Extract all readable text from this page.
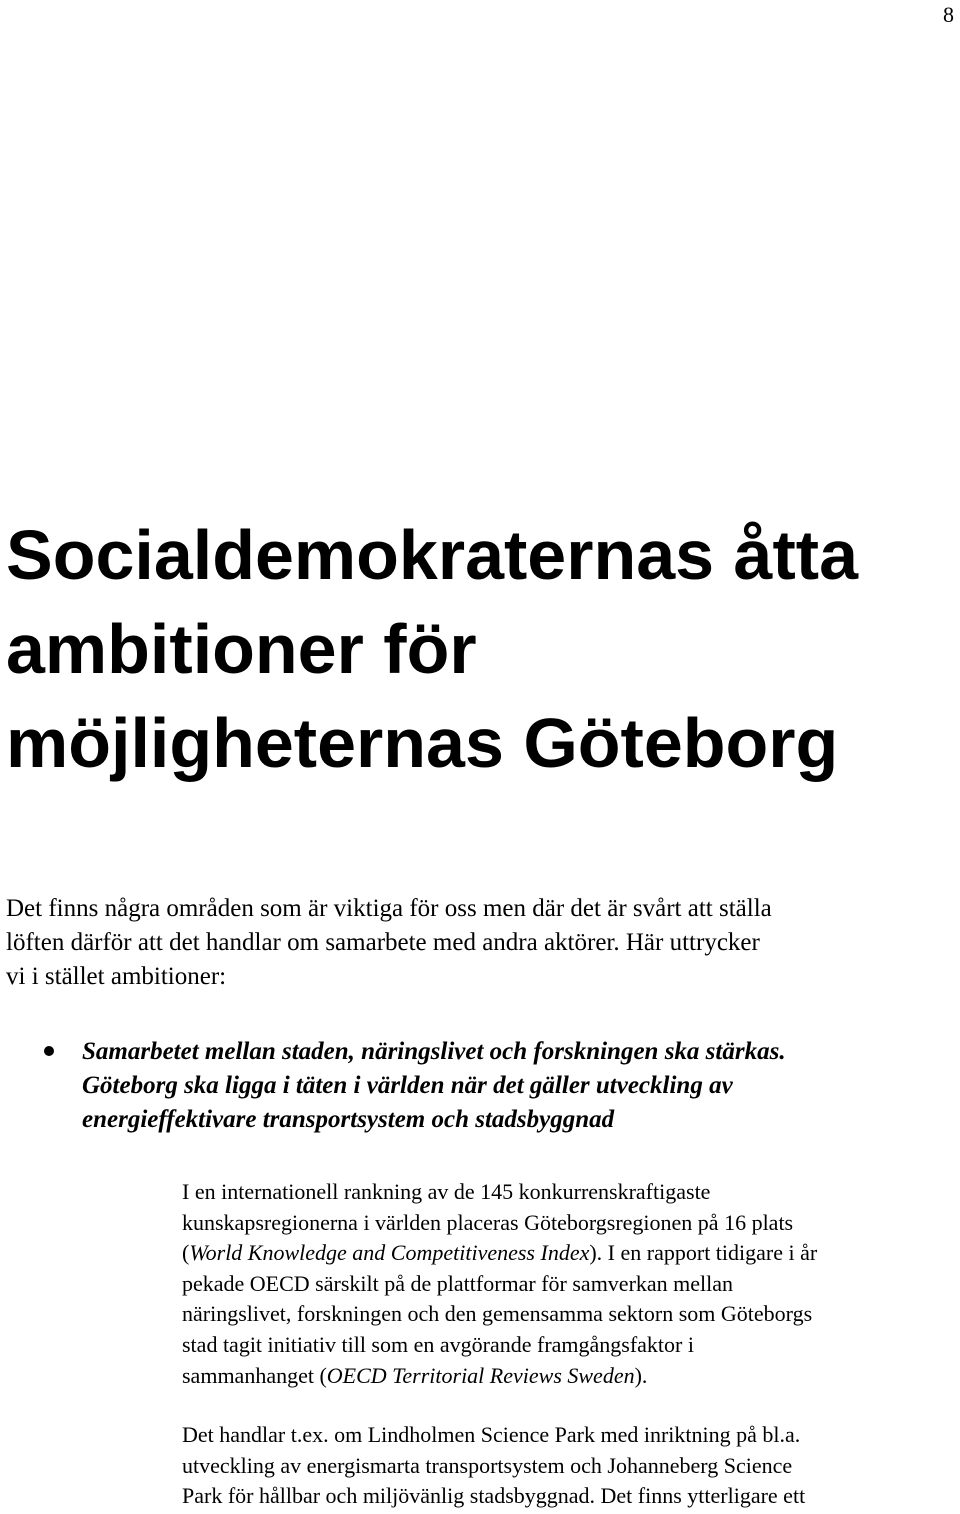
8
Socialdemokraternas åtta
ambitioner för
möjligheternas Göteborg

Det finns några områden som är viktiga för oss men där det är svårt att ställa
löften därför att det handlar om samarbete med andra aktörer. Här uttrycker
vi i stället ambitioner:

Samarbetet mellan staden, näringslivet och forskningen ska stärkas.
Göteborg ska ligga i täten i världen när det gäller utveckling av
energieffektivare transportsystem och stadsbyggnad

I en internationell rankning av de 145 konkurrenskraftigaste
kunskapsregionerna i världen placeras Göteborgsregionen på 16 plats
(World Knowledge and Competitiveness Index). I en rapport tidigare i år
pekade OECD särskilt på de plattformar för samverkan mellan
näringslivet, forskningen och den gemensamma sektorn som Göteborgs
stad tagit initiativ till som en avgörande framgångsfaktor i
sammanhanget (OECD Territorial Reviews Sweden).

Det handlar t.ex. om Lindholmen Science Park med inriktning på bl.a.
utveckling av energismarta transportsystem och Johanneberg Science
Park för hållbar och miljövänlig stadsbyggnad. Det finns ytterligare ett
